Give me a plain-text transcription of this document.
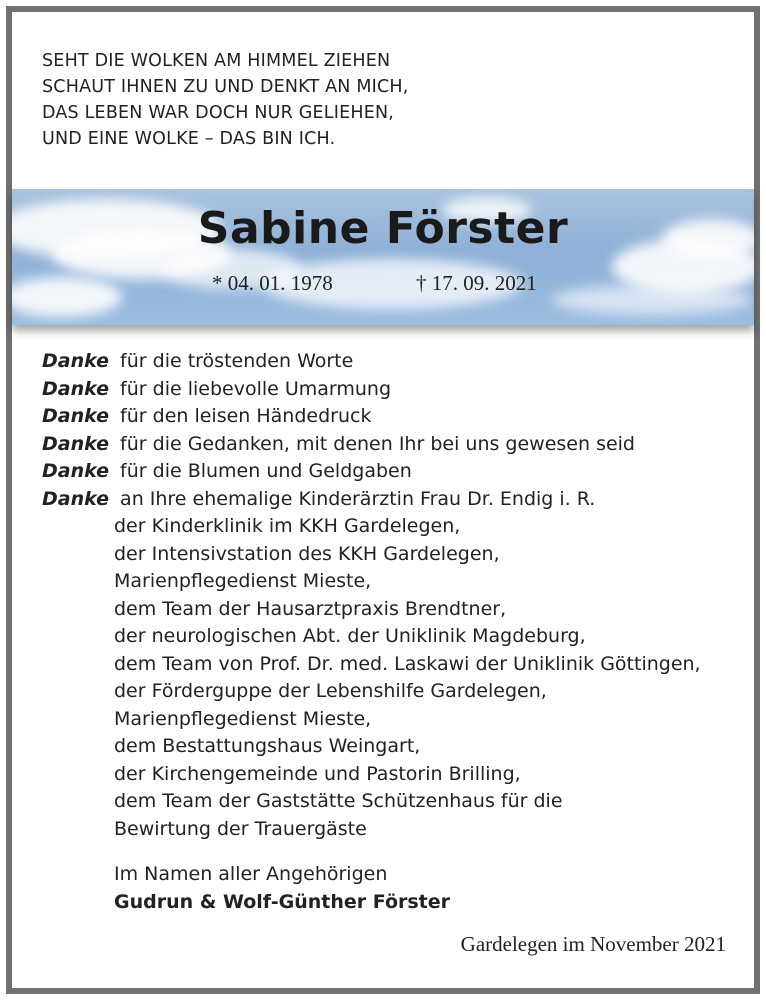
SEHT DIE WOLKEN AM HIMMEL ZIEHEN
SCHAUT IHNEN ZU UND DENKT AN MICH,
DAS LEBEN WAR DOCH NUR GELIEHEN,
UND EINE WOLKE – DAS BIN ICH.
Sabine Förster
* 04. 01. 1978	† 17. 09. 2021
Danke für die tröstenden Worte
Danke für die liebevolle Umarmung
Danke für den leisen Händedruck
Danke für die Gedanken, mit denen Ihr bei uns gewesen seid
Danke für die Blumen und Geldgaben
Danke an Ihre ehemalige Kinderärztin Frau Dr. Endig i. R.
der Kinderklinik im KKH Gardelegen,
der Intensivstation des KKH Gardelegen,
Marienpflegedienst Mieste,
dem Team der Hausarztpraxis Brendtner,
der neurologischen Abt. der Uniklinik Magdeburg,
dem Team von Prof. Dr. med. Laskawi der Uniklinik Göttingen,
der Förderguppe der Lebenshilfe Gardelegen,
Marienpflegedienst Mieste,
dem Bestattungshaus Weingart,
der Kirchengemeinde und Pastorin Brilling,
dem Team der Gaststätte Schützenhaus für die
Bewirtung der Trauergäste
Im Namen aller Angehörigen
Gudrun & Wolf-Günther Förster
Gardelegen im November 2021
